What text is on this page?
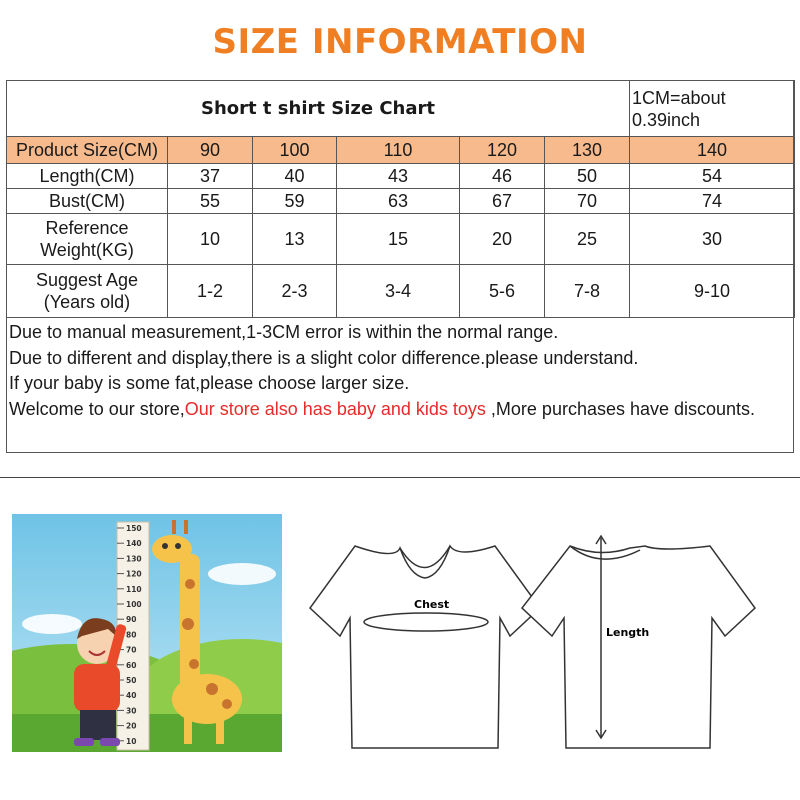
SIZE INFORMATION
Short t shirt Size Chart						1CM=about 0.39inch
Product Size(CM)	90	100	110	120	130	140
Length(CM)	37	40	43	46	50	54
Bust(CM)	55	59	63	67	70	74

Reference
Weight(KG)	10	13	15	20	25	30

Suggest Age
(Years old)	1-2	2-3	3-4	5-6	7-8	9-10

Due to manual measurement,1-3CM error is within the normal range.

Due to different and display,there is a slight color difference.please understand.

If your baby is some fat,please choose larger size.

Welcome to our store,Our store also has baby and kids toys ,More purchases have discounts.

150
140
130
120
110
100
90
80
70
60
50
40
30
20
10
Chest
Length
